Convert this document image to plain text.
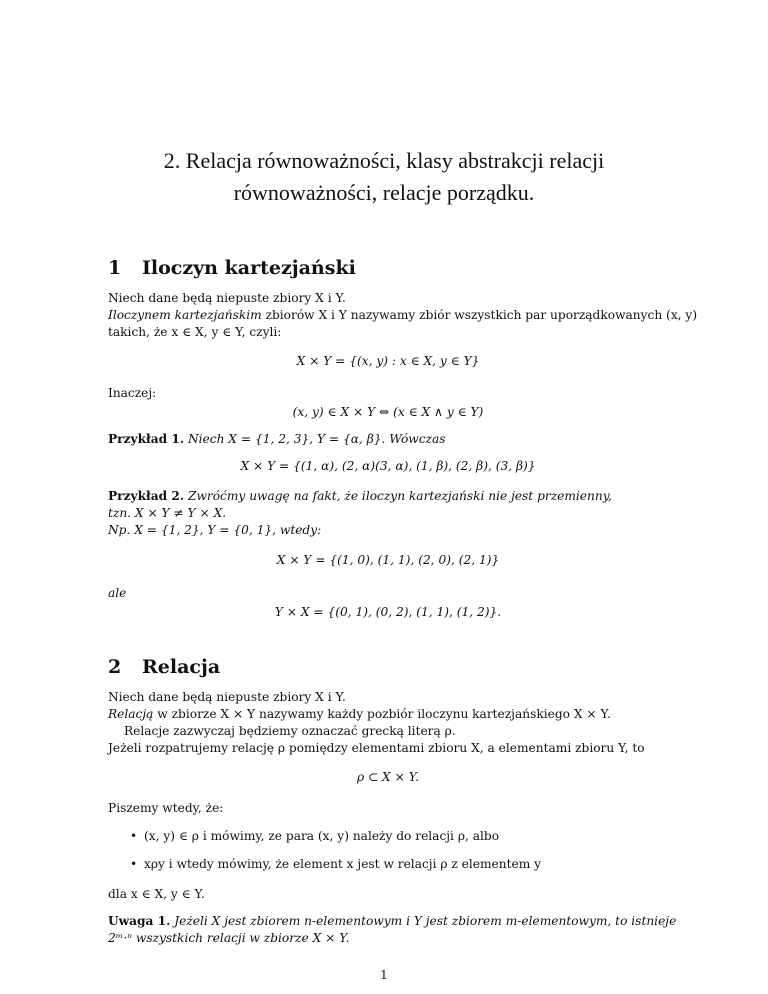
2. Relacja równoważności, klasy abstrakcji relacji
równoważności, relacje porządku.
1 Iloczyn kartezjański
Niech dane będą niepuste zbiory X i Y.
Iloczynem kartezjańskim zbiorów X i Y nazywamy zbiór wszystkich par uporządkowanych (x, y)
takich, że x ∈ X, y ∈ Y, czyli:
X × Y = {(x, y) : x ∈ X, y ∈ Y}
Inaczej:
(x, y) ∈ X × Y ⇔ (x ∈ X ∧ y ∈ Y)
Przykład 1. Niech X = {1, 2, 3}, Y = {α, β}. Wówczas
X × Y = {(1, α), (2, α)(3, α), (1, β), (2, β), (3, β)}
Przykład 2. Zwróćmy uwagę na fakt, że iloczyn kartezjański nie jest przemienny,
tzn. X × Y ≠ Y × X.
Np. X = {1, 2}, Y = {0, 1}, wtedy:
X × Y = {(1, 0), (1, 1), (2, 0), (2, 1)}
ale
Y × X = {(0, 1), (0, 2), (1, 1), (1, 2)}.
2 Relacja
Niech dane będą niepuste zbiory X i Y.
Relacją w zbiorze X × Y nazywamy każdy pozbiór iloczynu kartezjańskiego X × Y.
Relacje zazwyczaj będziemy oznaczać grecką literą ρ.
Jeżeli rozpatrujemy relację ρ pomiędzy elementami zbioru X, a elementami zbioru Y, to
ρ ⊂ X × Y.
Piszemy wtedy, że:
• (x, y) ∈ ρ i mówimy, ze para (x, y) należy do relacji ρ, albo
• xρy i wtedy mówimy, że element x jest w relacji ρ z elementem y
dla x ∈ X, y ∈ Y.
Uwaga 1. Jeżeli X jest zbiorem n-elementowym i Y jest zbiorem m-elementowym, to istnieje
2ᵐ·ⁿ wszystkich relacji w zbiorze X × Y.
1
